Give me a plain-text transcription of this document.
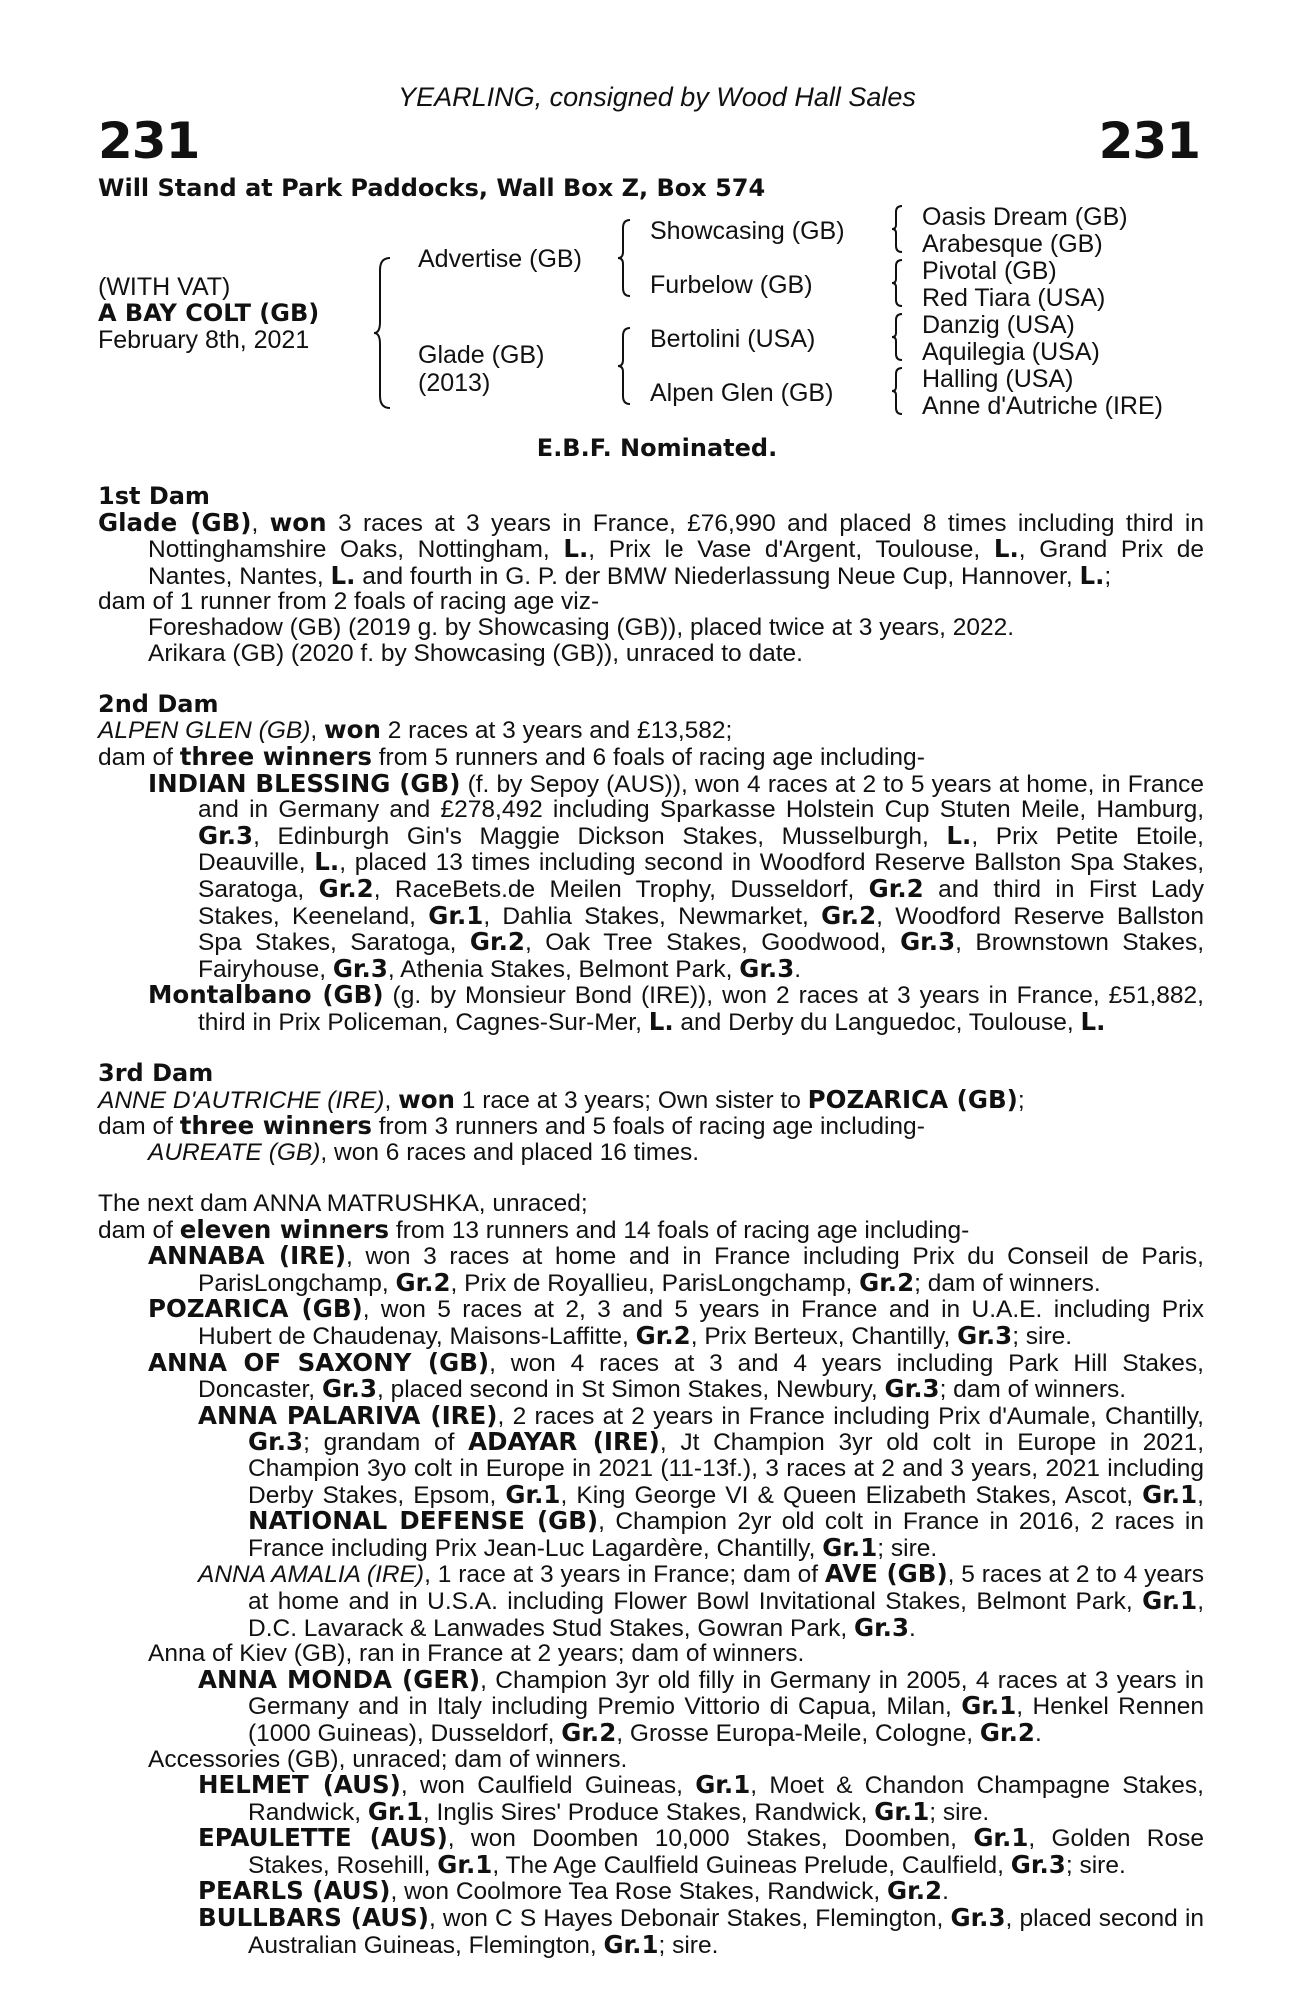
YEARLING, consigned by Wood Hall Sales
231	231
Will Stand at Park Paddocks, Wall Box Z, Box 574
(WITH VAT)
A BAY COLT (GB)
February 8th, 2021
Advertise (GB)
Glade (GB)
(2013)
Showcasing (GB)
Furbelow (GB)
Bertolini (USA)
Alpen Glen (GB)
Oasis Dream (GB)
Arabesque (GB)
Pivotal (GB)
Red Tiara (USA)
Danzig (USA)
Aquilegia (USA)
Halling (USA)
Anne d'Autriche (IRE)
E.B.F. Nominated.
1st Dam
Glade (GB), won 3 races at 3 years in France, £76,990 and placed 8 times including third in Nottinghamshire Oaks, Nottingham, L., Prix le Vase d'Argent, Toulouse, L., Grand Prix de Nantes, Nantes, L. and fourth in G. P. der BMW Niederlassung Neue Cup, Hannover, L.;
dam of 1 runner from 2 foals of racing age viz-
Foreshadow (GB) (2019 g. by Showcasing (GB)), placed twice at 3 years, 2022.
Arikara (GB) (2020 f. by Showcasing (GB)), unraced to date.
2nd Dam
ALPEN GLEN (GB), won 2 races at 3 years and £13,582;
dam of three winners from 5 runners and 6 foals of racing age including-
INDIAN BLESSING (GB) (f. by Sepoy (AUS)), won 4 races at 2 to 5 years at home, in France and in Germany and £278,492 including Sparkasse Holstein Cup Stuten Meile, Hamburg, Gr.3, Edinburgh Gin's Maggie Dickson Stakes, Musselburgh, L., Prix Petite Etoile, Deauville, L., placed 13 times including second in Woodford Reserve Ballston Spa Stakes, Saratoga, Gr.2, RaceBets.de Meilen Trophy, Dusseldorf, Gr.2 and third in First Lady Stakes, Keeneland, Gr.1, Dahlia Stakes, Newmarket, Gr.2, Woodford Reserve Ballston Spa Stakes, Saratoga, Gr.2, Oak Tree Stakes, Goodwood, Gr.3, Brownstown Stakes, Fairyhouse, Gr.3, Athenia Stakes, Belmont Park, Gr.3.
Montalbano (GB) (g. by Monsieur Bond (IRE)), won 2 races at 3 years in France, £51,882, third in Prix Policeman, Cagnes-Sur-Mer, L. and Derby du Languedoc, Toulouse, L.
3rd Dam
ANNE D'AUTRICHE (IRE), won 1 race at 3 years; Own sister to POZARICA (GB);
dam of three winners from 3 runners and 5 foals of racing age including-
AUREATE (GB), won 6 races and placed 16 times.
The next dam ANNA MATRUSHKA, unraced;
dam of eleven winners from 13 runners and 14 foals of racing age including-
ANNABA (IRE), won 3 races at home and in France including Prix du Conseil de Paris, ParisLongchamp, Gr.2, Prix de Royallieu, ParisLongchamp, Gr.2; dam of winners.
POZARICA (GB), won 5 races at 2, 3 and 5 years in France and in U.A.E. including Prix Hubert de Chaudenay, Maisons-Laffitte, Gr.2, Prix Berteux, Chantilly, Gr.3; sire.
ANNA OF SAXONY (GB), won 4 races at 3 and 4 years including Park Hill Stakes, Doncaster, Gr.3, placed second in St Simon Stakes, Newbury, Gr.3; dam of winners.
ANNA PALARIVA (IRE), 2 races at 2 years in France including Prix d'Aumale, Chantilly, Gr.3; grandam of ADAYAR (IRE), Jt Champion 3yr old colt in Europe in 2021, Champion 3yo colt in Europe in 2021 (11-13f.), 3 races at 2 and 3 years, 2021 including Derby Stakes, Epsom, Gr.1, King George VI & Queen Elizabeth Stakes, Ascot, Gr.1, NATIONAL DEFENSE (GB), Champion 2yr old colt in France in 2016, 2 races in France including Prix Jean-Luc Lagardère, Chantilly, Gr.1; sire.
ANNA AMALIA (IRE), 1 race at 3 years in France; dam of AVE (GB), 5 races at 2 to 4 years at home and in U.S.A. including Flower Bowl Invitational Stakes, Belmont Park, Gr.1, D.C. Lavarack & Lanwades Stud Stakes, Gowran Park, Gr.3.
Anna of Kiev (GB), ran in France at 2 years; dam of winners.
ANNA MONDA (GER), Champion 3yr old filly in Germany in 2005, 4 races at 3 years in Germany and in Italy including Premio Vittorio di Capua, Milan, Gr.1, Henkel Rennen (1000 Guineas), Dusseldorf, Gr.2, Grosse Europa-Meile, Cologne, Gr.2.
Accessories (GB), unraced; dam of winners.
HELMET (AUS), won Caulfield Guineas, Gr.1, Moet & Chandon Champagne Stakes, Randwick, Gr.1, Inglis Sires' Produce Stakes, Randwick, Gr.1; sire.
EPAULETTE (AUS), won Doomben 10,000 Stakes, Doomben, Gr.1, Golden Rose Stakes, Rosehill, Gr.1, The Age Caulfield Guineas Prelude, Caulfield, Gr.3; sire.
PEARLS (AUS), won Coolmore Tea Rose Stakes, Randwick, Gr.2.
BULLBARS (AUS), won C S Hayes Debonair Stakes, Flemington, Gr.3, placed second in Australian Guineas, Flemington, Gr.1; sire.
